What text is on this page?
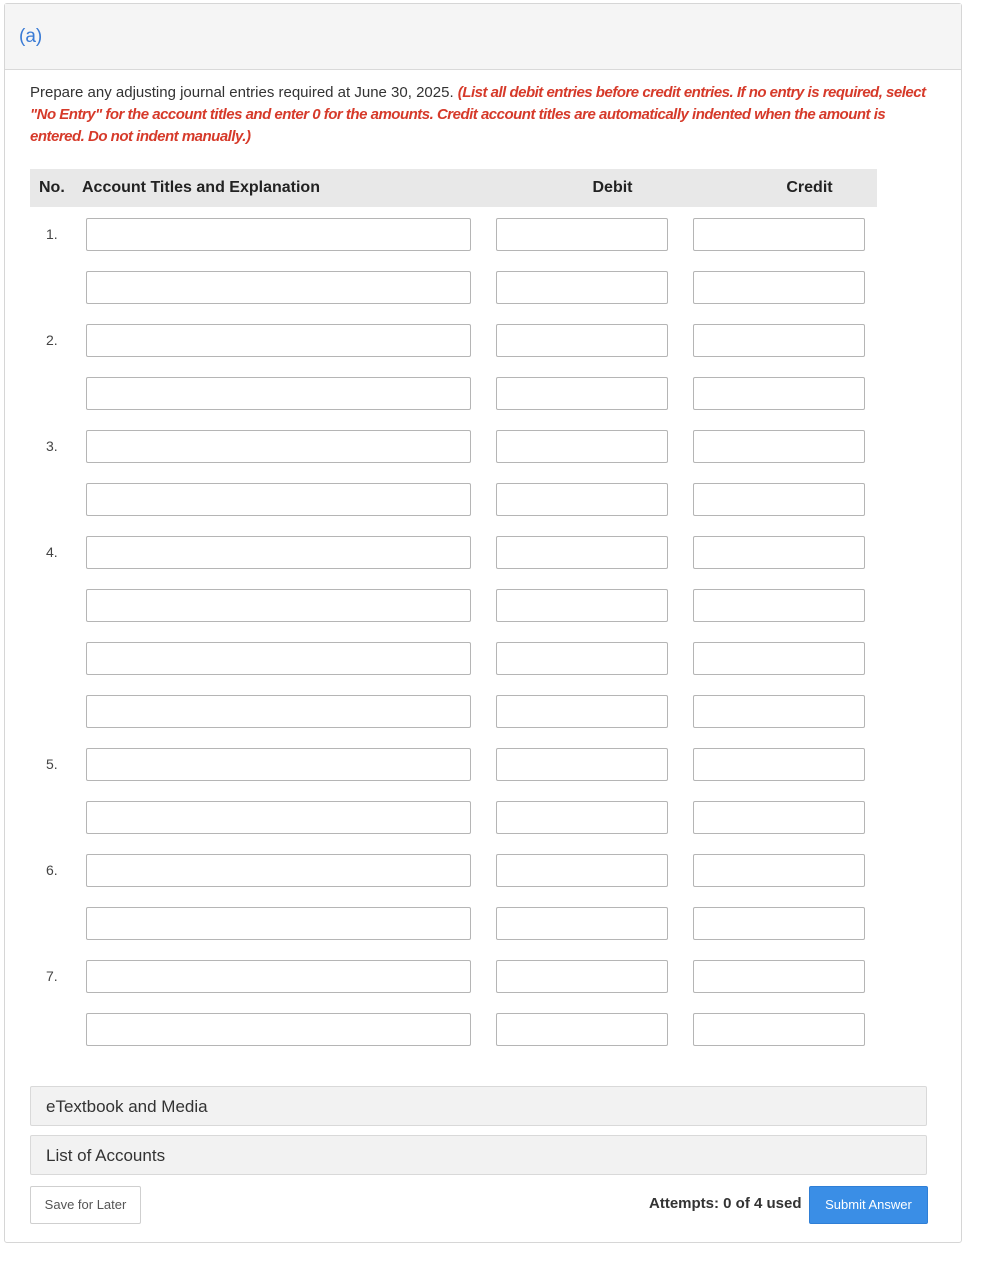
(a)
Prepare any adjusting journal entries required at June 30, 2025. (List all debit entries before credit entries. If no entry is required, select "No Entry" for the account titles and enter 0 for the amounts. Credit account titles are automatically indented when the amount is entered. Do not indent manually.)
No. Account Titles and Explanation	Debit	Credit
1.
2.
3.
4.
5.
6.
7.
eTextbook and Media
List of Accounts
Save for Later	Attempts: 0 of 4 used	Submit Answer
